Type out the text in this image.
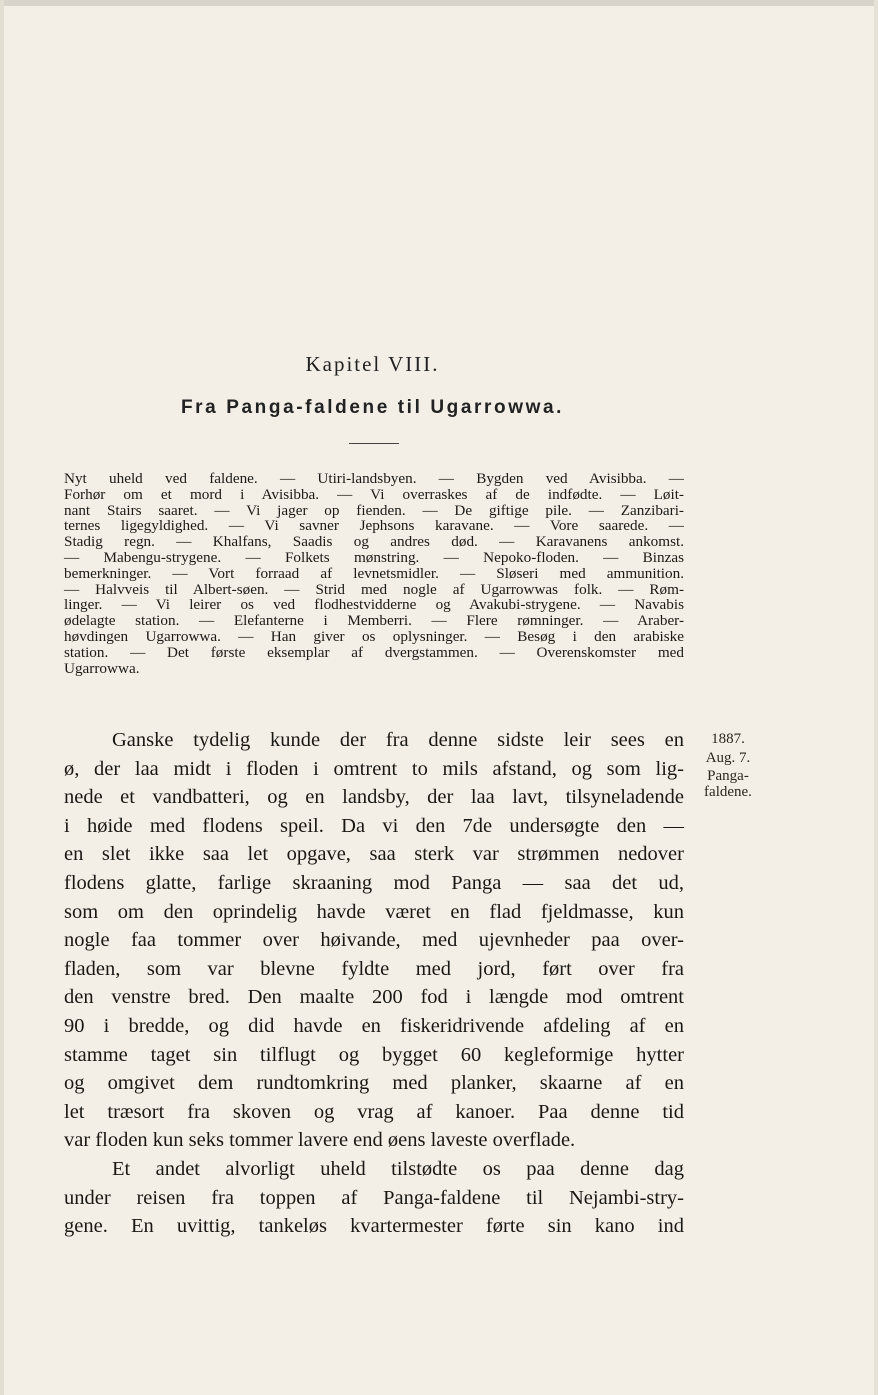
Kapitel VIII.
Fra Panga-faldene til Ugarrowwa.
Nyt uheld ved faldene. — Utiri-landsbyen. — Bygden ved Avisibba. —
Forhør om et mord i Avisibba. — Vi overraskes af de indfødte. — Løit-
nant Stairs saaret. — Vi jager op fienden. — De giftige pile. — Zanzibari-
ternes ligegyldighed. — Vi savner Jephsons karavane. — Vore saarede. —
Stadig regn. — Khalfans, Saadis og andres død. — Karavanens ankomst.
— Mabengu-strygene. — Folkets mønstring. — Nepoko-floden. — Binzas
bemerkninger. — Vort forraad af levnetsmidler. — Sløseri med ammunition.
— Halvveis til Albert-søen. — Strid med nogle af Ugarrowwas folk. — Røm-
linger. — Vi leirer os ved flodhestvidderne og Avakubi-strygene. — Navabis
ødelagte station. — Elefanterne i Memberri. — Flere rømninger. — Araber-
høvdingen Ugarrowwa. — Han giver os oplysninger. — Besøg i den arabiske
station. — Det første eksemplar af dvergstammen. — Overenskomster med
Ugarrowwa.
Ganske tydelig kunde der fra denne sidste leir sees en
ø, der laa midt i floden i omtrent to mils afstand, og som lig-
nede et vandbatteri, og en landsby, der laa lavt, tilsyneladende
i høide med flodens speil. Da vi den 7de undersøgte den —
en slet ikke saa let opgave, saa sterk var strømmen nedover
flodens glatte, farlige skraaning mod Panga — saa det ud,
som om den oprindelig havde været en flad fjeldmasse, kun
nogle faa tommer over høivande, med ujevnheder paa over-
fladen, som var blevne fyldte med jord, ført over fra
den venstre bred. Den maalte 200 fod i længde mod omtrent
90 i bredde, og did havde en fiskeridrivende afdeling af en
stamme taget sin tilflugt og bygget 60 kegleformige hytter
og omgivet dem rundtomkring med planker, skaarne af en
let træsort fra skoven og vrag af kanoer. Paa denne tid
var floden kun seks tommer lavere end øens laveste overflade.
Et andet alvorligt uheld tilstødte os paa denne dag
under reisen fra toppen af Panga-faldene til Nejambi-stry-
gene. En uvittig, tankeløs kvartermester førte sin kano ind
1887.
Aug. 7.
Panga-
faldene.
